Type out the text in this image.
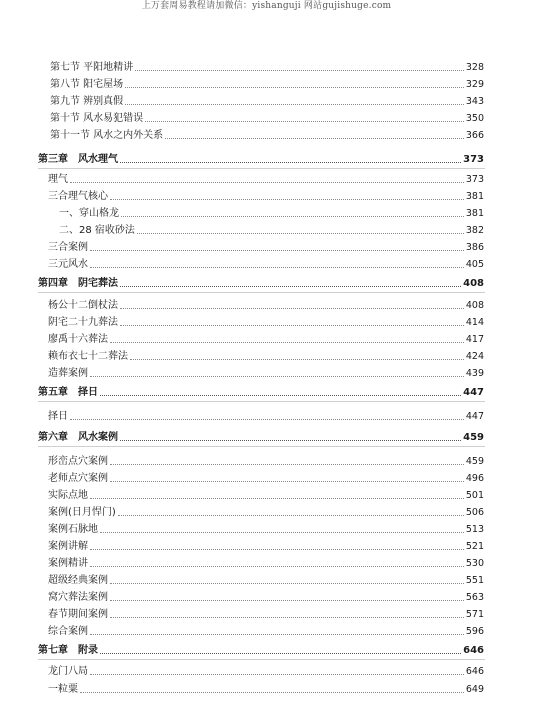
上万套周易教程请加微信：yishanguji 网站gujishuge.com
第七节 平阳地精讲	328
第八节 阳宅屋场	329
第九节 辨别真假	343
第十节 风水易犯错误	350
第十一节 风水之内外关系	366
第三章　风水理气	373
理气	373
三合理气核心	381
一、穿山格龙	381
二、28 宿收砂法	382
三合案例	386
三元风水	405
第四章　阴宅葬法	408
杨公十二倒杖法	408
阴宅二十九葬法	414
廖禹十六葬法	417
赖布衣七十二葬法	424
造葬案例	439
第五章　择日	447
择日	447
第六章　风水案例	459
形峦点穴案例	459
老师点穴案例	496
实际点地	501
案例(日月悍门)	506
案例石脉地	513
案例讲解	521
案例精讲	530
超级经典案例	551
窝穴葬法案例	563
春节期间案例	571
综合案例	596
第七章　附录	646
龙门八局	646
一粒粟	649
